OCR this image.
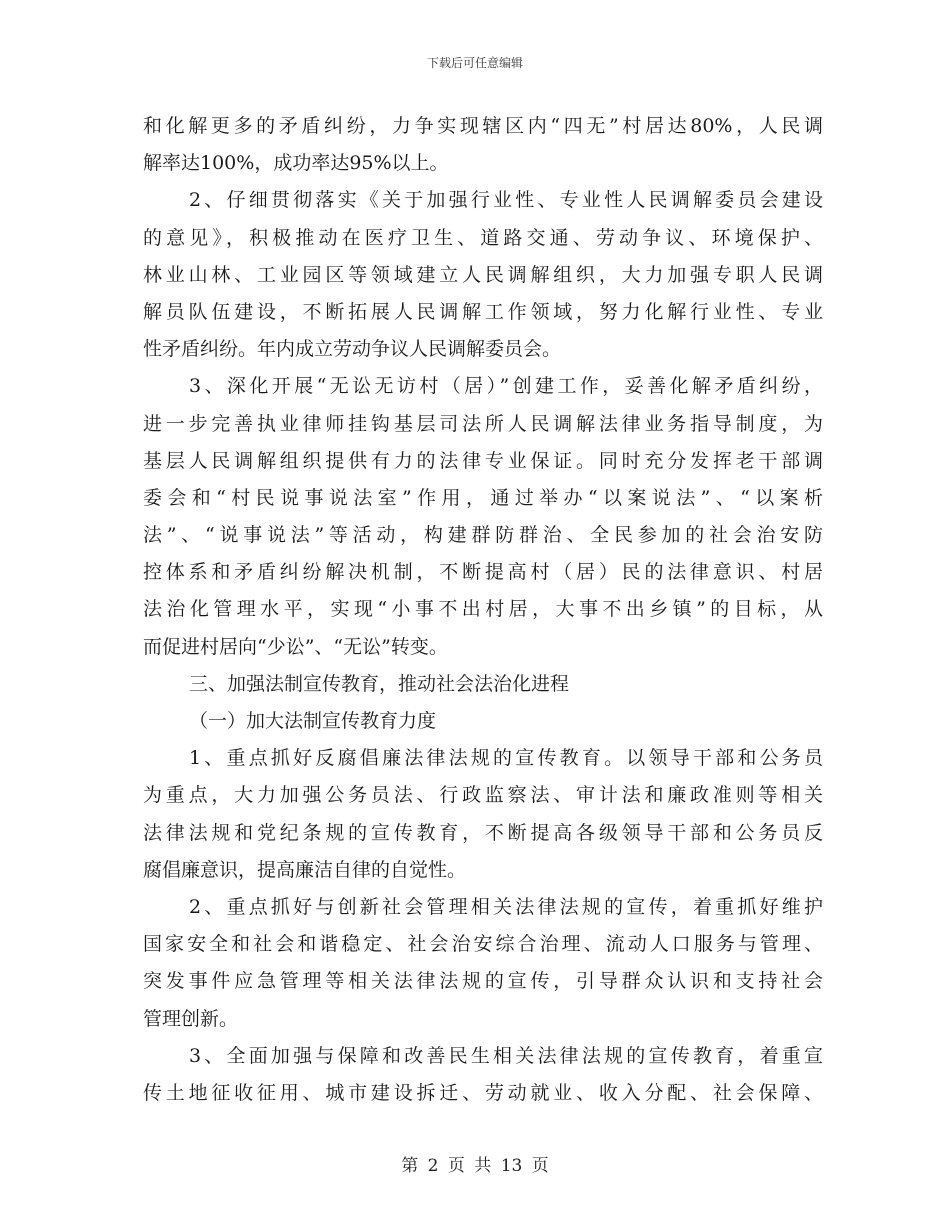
下载后可任意编辑
和化解更多的矛盾纠纷，力争实现辖区内“四无”村居达80%，人民调
解率达100%，成功率达95%以上。
2、仔细贯彻落实《关于加强行业性、专业性人民调解委员会建设
的意见》，积极推动在医疗卫生、道路交通、劳动争议、环境保护、
林业山林、工业园区等领域建立人民调解组织，大力加强专职人民调
解员队伍建设，不断拓展人民调解工作领域，努力化解行业性、专业
性矛盾纠纷。年内成立劳动争议人民调解委员会。
3、深化开展“无讼无访村（居）”创建工作，妥善化解矛盾纠纷，
进一步完善执业律师挂钩基层司法所人民调解法律业务指导制度，为
基层人民调解组织提供有力的法律专业保证。同时充分发挥老干部调
委会和“村民说事说法室”作用，通过举办“以案说法”、“以案析
法”、“说事说法”等活动，构建群防群治、全民参加的社会治安防
控体系和矛盾纠纷解决机制，不断提高村（居）民的法律意识、村居
法治化管理水平，实现“小事不出村居，大事不出乡镇”的目标，从
而促进村居向“少讼”、“无讼”转变。
三、加强法制宣传教育，推动社会法治化进程
（一）加大法制宣传教育力度
1、重点抓好反腐倡廉法律法规的宣传教育。以领导干部和公务员
为重点，大力加强公务员法、行政监察法、审计法和廉政准则等相关
法律法规和党纪条规的宣传教育，不断提高各级领导干部和公务员反
腐倡廉意识，提高廉洁自律的自觉性。
2、重点抓好与创新社会管理相关法律法规的宣传，着重抓好维护
国家安全和社会和谐稳定、社会治安综合治理、流动人口服务与管理、
突发事件应急管理等相关法律法规的宣传，引导群众认识和支持社会
管理创新。
3、全面加强与保障和改善民生相关法律法规的宣传教育，着重宣
传土地征收征用、城市建设拆迁、劳动就业、收入分配、社会保障、
第 2 页 共 13 页
